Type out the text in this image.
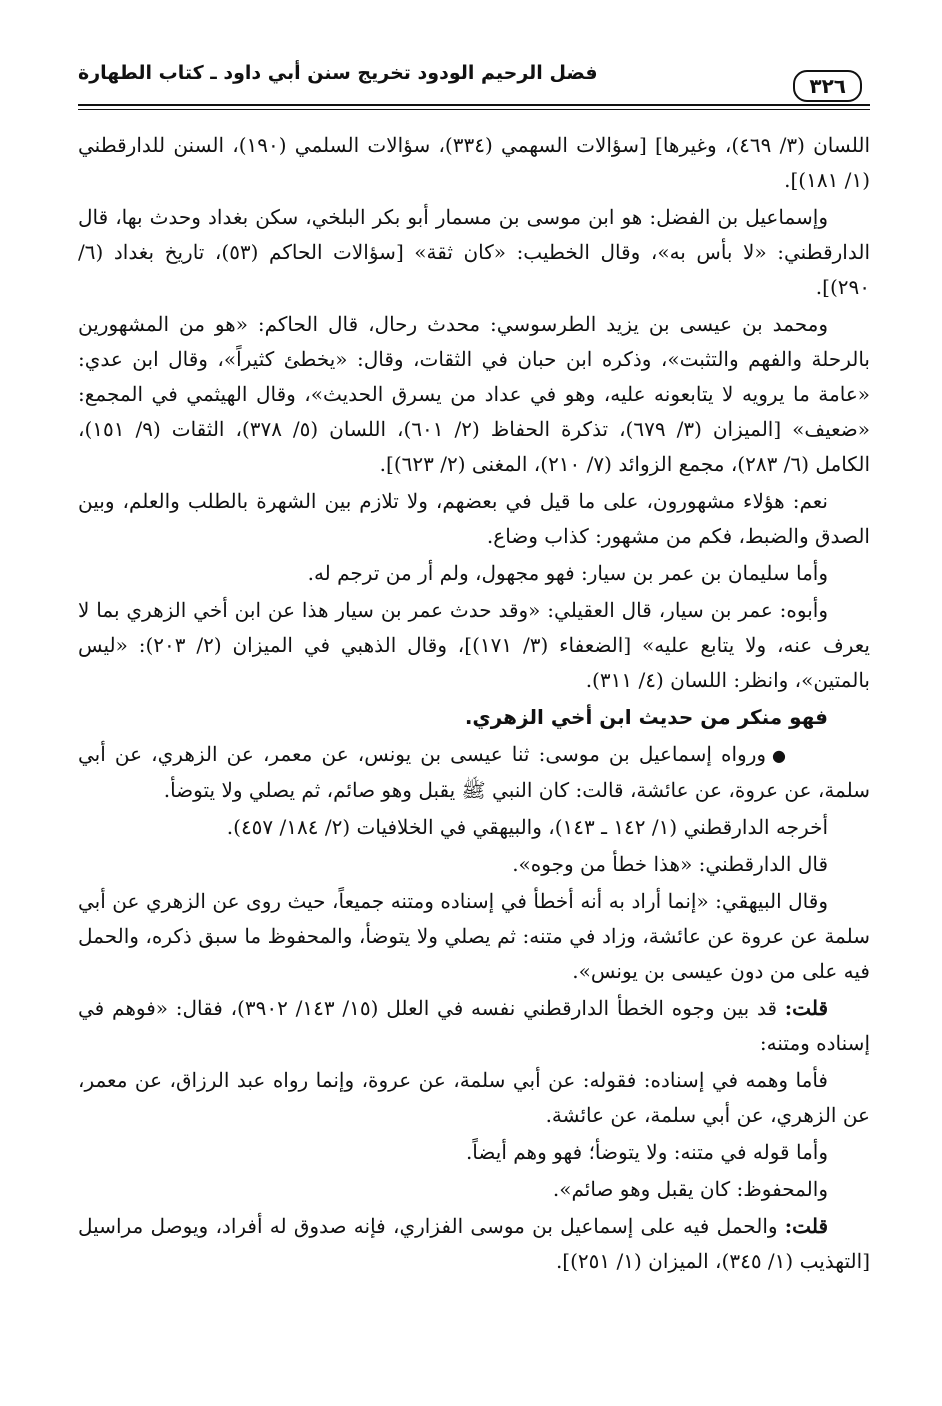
فضل الرحيم الودود تخريج سنن أبي داود ـ كتاب الطهارة
٣٢٦

اللسان (٣/ ٤٦٩)، وغيرها] [سؤالات السهمي (٣٣٤)، سؤالات السلمي (١٩٠)، السنن للدارقطني (١/ ١٨١)].

وإسماعيل بن الفضل: هو ابن موسى بن مسمار أبو بكر البلخي، سكن بغداد وحدث بها، قال الدارقطني: «لا بأس به»، وقال الخطيب: «كان ثقة» [سؤالات الحاكم (٥٣)، تاريخ بغداد (٦/ ٢٩٠)].

ومحمد بن عيسى بن يزيد الطرسوسي: محدث رحال، قال الحاكم: «هو من المشهورين بالرحلة والفهم والتثبت»، وذكره ابن حبان في الثقات، وقال: «يخطئ كثيراً»، وقال ابن عدي: «عامة ما يرويه لا يتابعونه عليه، وهو في عداد من يسرق الحديث»، وقال الهيثمي في المجمع: «ضعيف» [الميزان (٣/ ٦٧٩)، تذكرة الحفاظ (٢/ ٦٠١)، اللسان (٥/ ٣٧٨)، الثقات (٩/ ١٥١)، الكامل (٦/ ٢٨٣)، مجمع الزوائد (٧/ ٢١٠)، المغنى (٢/ ٦٢٣)].

نعم: هؤلاء مشهورون، على ما قيل في بعضهم، ولا تلازم بين الشهرة بالطلب والعلم، وبين الصدق والضبط، فكم من مشهور: كذاب وضاع.

وأما سليمان بن عمر بن سيار: فهو مجهول، ولم أر من ترجم له.

وأبوه: عمر بن سيار، قال العقيلي: «وقد حدث عمر بن سيار هذا عن ابن أخي الزهري بما لا يعرف عنه، ولا يتابع عليه» [الضعفاء (٣/ ١٧١)]، وقال الذهبي في الميزان (٢/ ٢٠٣): «ليس بالمتين»، وانظر: اللسان (٤/ ٣١١).

فهو منكر من حديث ابن أخي الزهري.

●ورواه إسماعيل بن موسى: ثنا عيسى بن يونس، عن معمر، عن الزهري، عن أبي سلمة، عن عروة، عن عائشة، قالت: كان النبي ﷺ يقبل وهو صائم، ثم يصلي ولا يتوضأ.

أخرجه الدارقطني (١/ ١٤٢ ـ ١٤٣)، والبيهقي في الخلافيات (٢/ ١٨٤/ ٤٥٧).

قال الدارقطني: «هذا خطأ من وجوه».

وقال البيهقي: «إنما أراد به أنه أخطأ في إسناده ومتنه جميعاً، حيث روى عن الزهري عن أبي سلمة عن عروة عن عائشة، وزاد في متنه: ثم يصلي ولا يتوضأ، والمحفوظ ما سبق ذكره، والحمل فيه على من دون عيسى بن يونس».

قلت: قد بين وجوه الخطأ الدارقطني نفسه في العلل (١٥/ ١٤٣/ ٣٩٠٢)، فقال: «فوهم في إسناده ومتنه:

فأما وهمه في إسناده: فقوله: عن أبي سلمة، عن عروة، وإنما رواه عبد الرزاق، عن معمر، عن الزهري، عن أبي سلمة، عن عائشة.

وأما قوله في متنه: ولا يتوضأ؛ فهو وهم أيضاً.

والمحفوظ: كان يقبل وهو صائم».

قلت: والحمل فيه على إسماعيل بن موسى الفزاري، فإنه صدوق له أفراد، ويوصل مراسيل [التهذيب (١/ ٣٤٥)، الميزان (١/ ٢٥١)].
